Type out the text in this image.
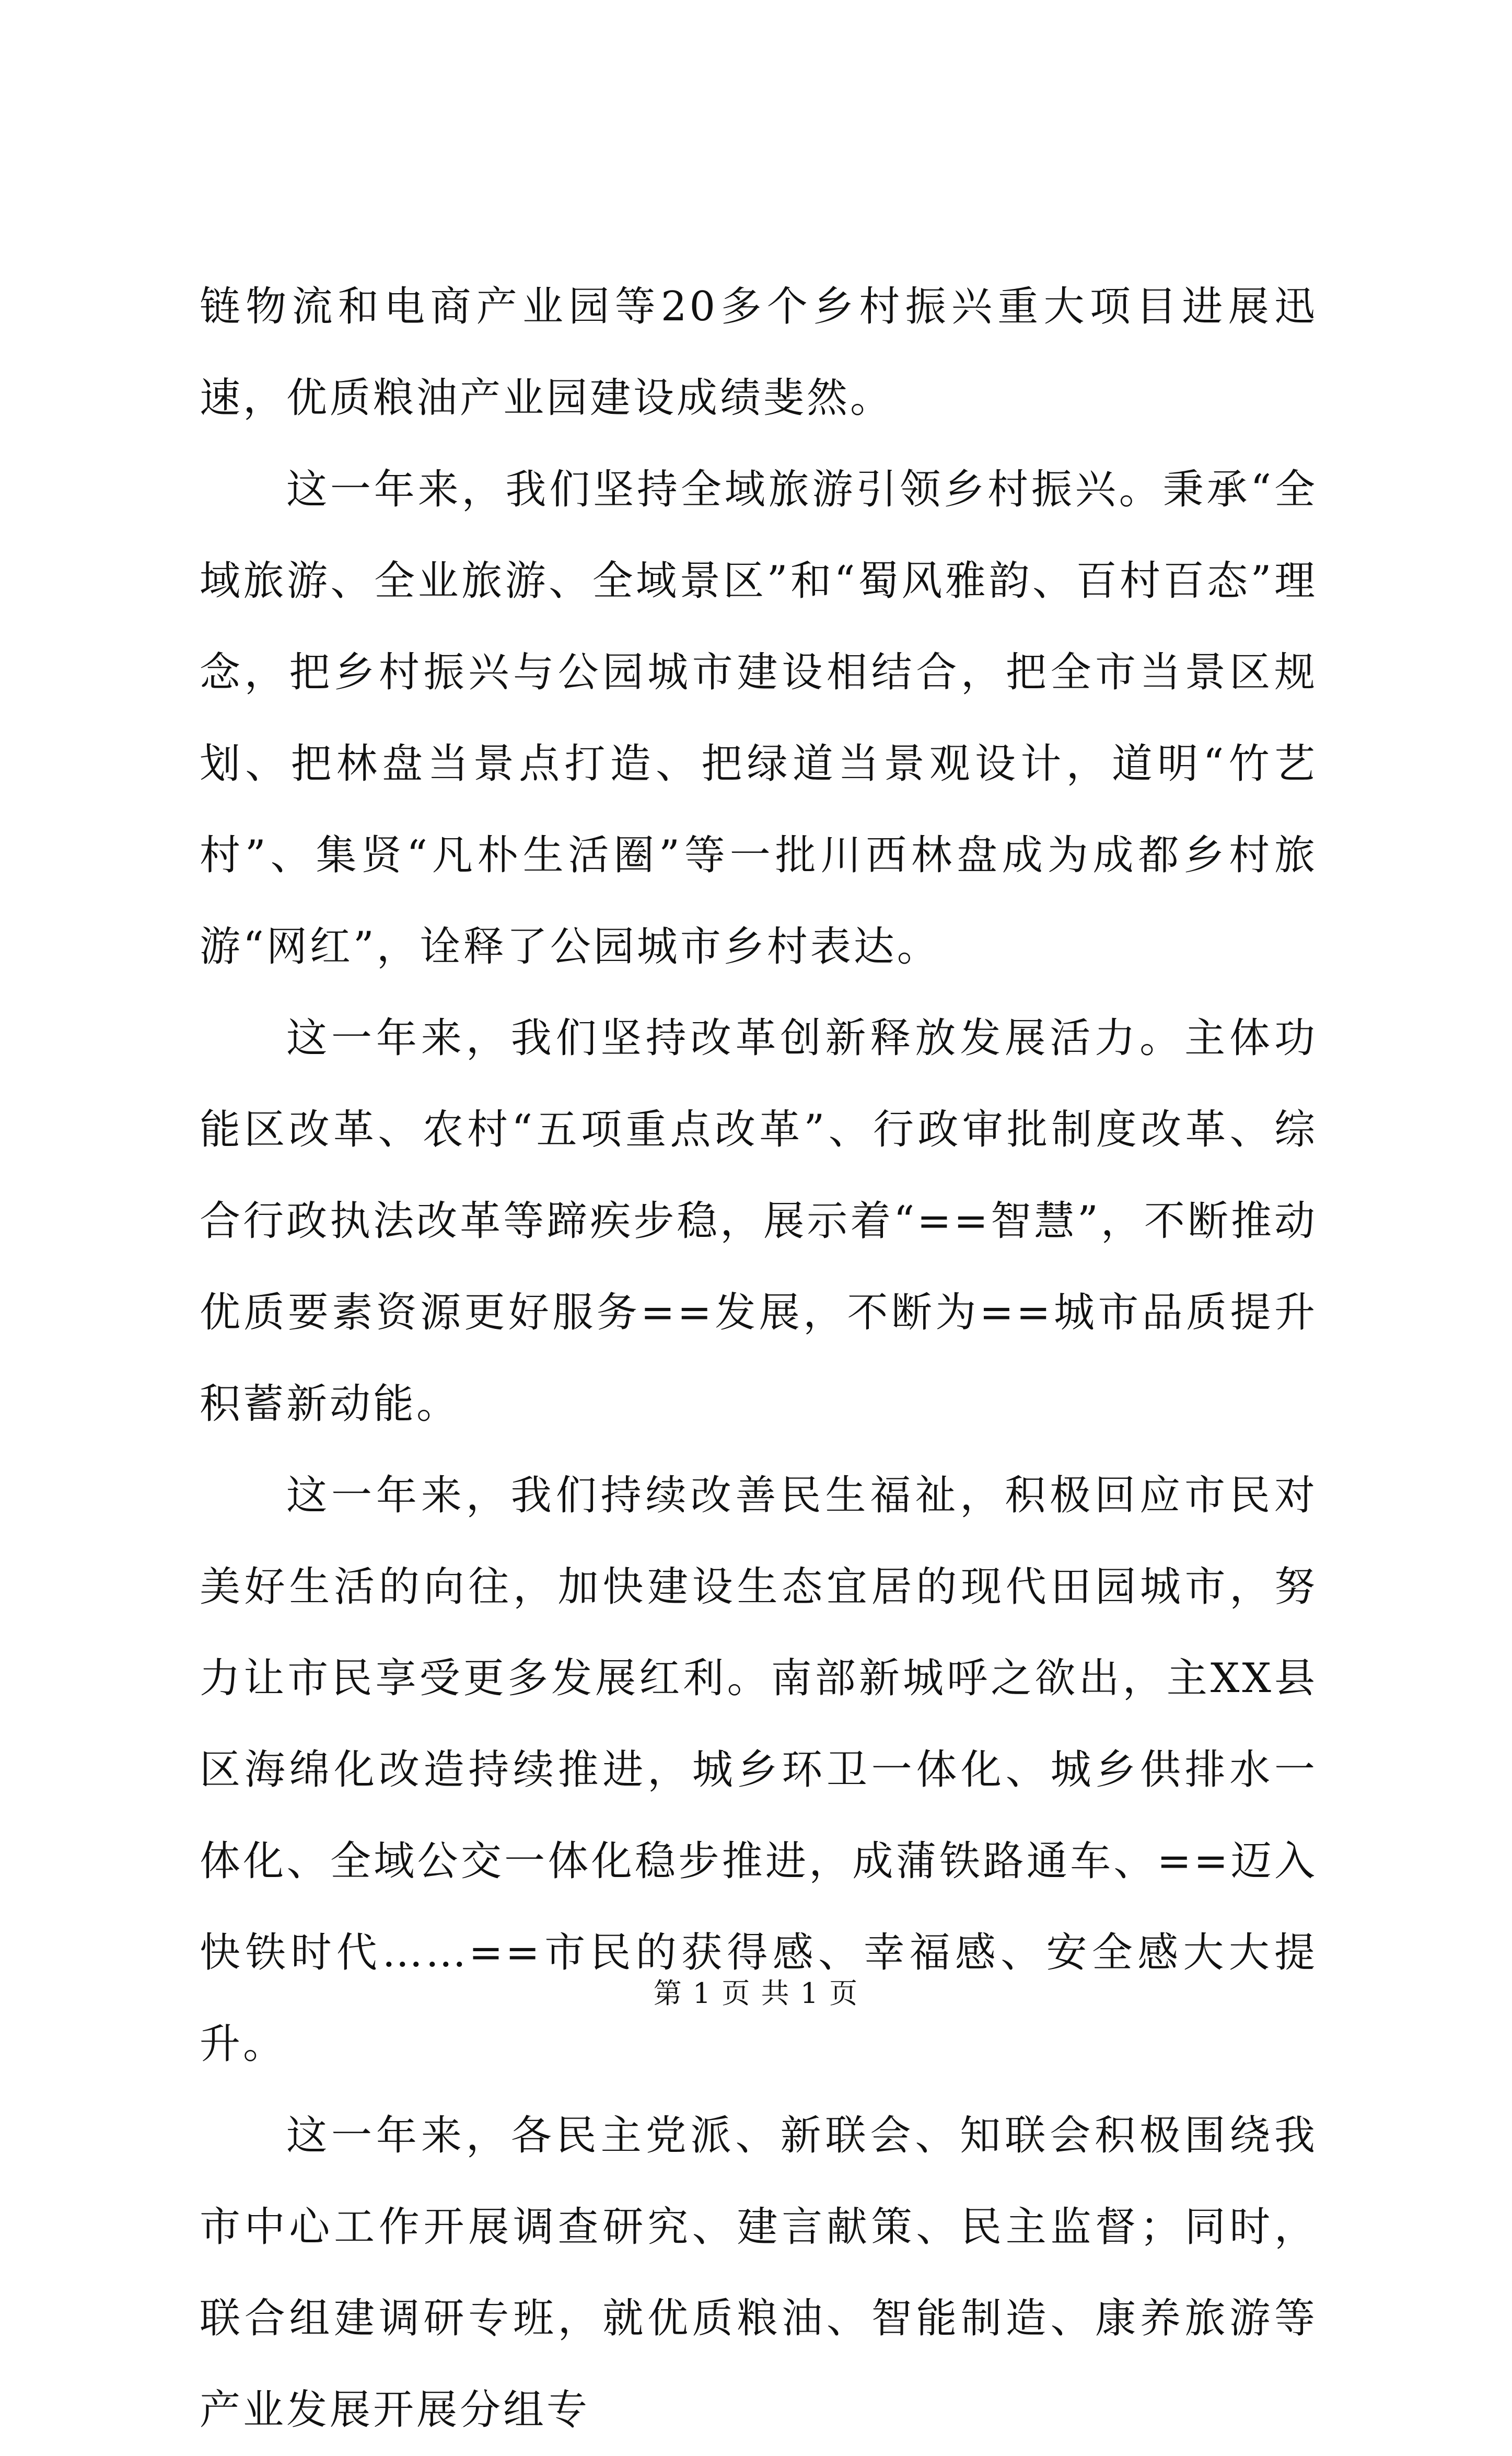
链物流和电商产业园等20多个乡村振兴重大项目进展迅速，优质粮油产业园建设成绩斐然。

这一年来，我们坚持全域旅游引领乡村振兴。秉承“全域旅游、全业旅游、全域景区”和“蜀风雅韵、百村百态”理念，把乡村振兴与公园城市建设相结合，把全市当景区规划、把林盘当景点打造、把绿道当景观设计，道明“竹艺村”、集贤“凡朴生活圈”等一批川西林盘成为成都乡村旅游“网红”，诠释了公园城市乡村表达。

这一年来，我们坚持改革创新释放发展活力。主体功能区改革、农村“五项重点改革”、行政审批制度改革、综合行政执法改革等蹄疾步稳，展示着“==智慧”，不断推动优质要素资源更好服务==发展，不断为==城市品质提升积蓄新动能。

这一年来，我们持续改善民生福祉，积极回应市民对美好生活的向往，加快建设生态宜居的现代田园城市，努力让市民享受更多发展红利。南部新城呼之欲出，主XX县区海绵化改造持续推进，城乡环卫一体化、城乡供排水一体化、全域公交一体化稳步推进，成蒲铁路通车、==迈入快铁时代……==市民的获得感、幸福感、安全感大大提升。

这一年来，各民主党派、新联会、知联会积极围绕我市中心工作开展调查研究、建言献策、民主监督；同时，联合组建调研专班，就优质粮油、智能制造、康养旅游等产业发展开展分组专

第 1 页 共 1 页
